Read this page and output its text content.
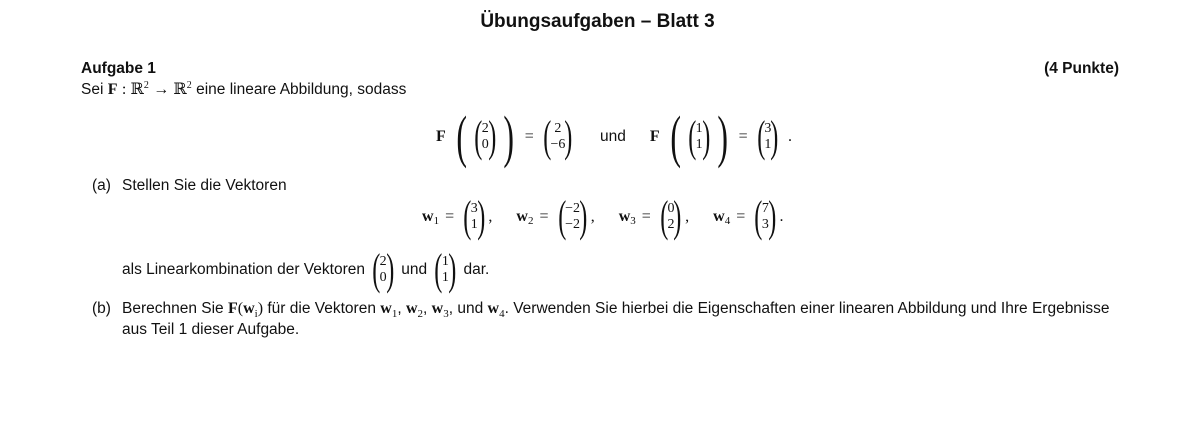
Übungsaufgaben – Blatt 3
Aufgabe 1	(4 Punkte)
Sei F : ℝ$^2$ → ℝ$^2$ eine lineare Abbildung, sodass
F ( ( 2
0 ) ) = ( 2
−6 ) und F ( ( 1
1 ) ) = ( 3
1 ) .
(a) Stellen Sie die Vektoren
w 1 = ( 3
1 ) , w 2 = ( −2
−2 ) , w 3 = ( 0
2 ) , w 4 = ( 7
3 ) .
als Linearkombination der Vektoren ( 2
0 ) und ( 1
1 ) dar.
(b) Berechnen Sie $F(w_i)$ für die Vektoren $w_1$, $w_2$, $w_3$, und $w_4$. Verwenden Sie hierbei die Eigenschaften einer linearen Abbildung und Ihre Ergebnisse
aus Teil 1 dieser Aufgabe.
